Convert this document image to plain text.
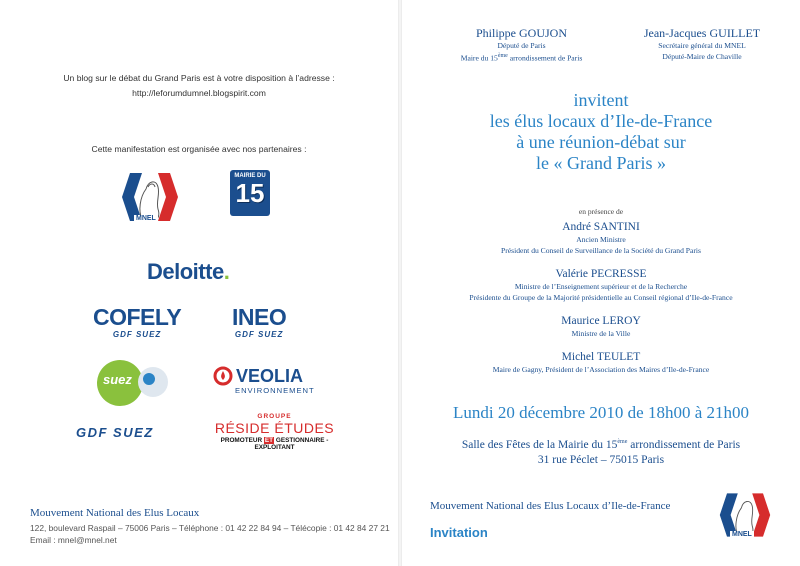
Un blog sur le débat du Grand Paris est à votre disposition à l’adresse :
http://leforumdumnel.blogspirit.com
Cette manifestation est organisée avec nos partenaires :
MNEL
MAIRIE DU
15
Deloitte.
COFELY
GDF SUEZ
INEO
GDF SUEZ
suez	VEOLIA
ENVIRONNEMENT
GDF SUEZ
GROUPE
RÉSIDE ÉTUDES
PROMOTEUR ET GESTIONNAIRE - EXPLOITANT
Mouvement National des Elus Locaux
122, boulevard Raspail – 75006 Paris – Téléphone : 01 42 22 84 94 – Télécopie : 01 42 84 27 21
Email : mnel@mnel.net
Philippe GOUJON
Député de Paris
Maire du 15ème arrondissement de Paris
Jean-Jacques GUILLET
Secrétaire général du MNEL
Député-Maire de Chaville
invitent
les élus locaux d’Ile-de-France
à une réunion-débat sur
le « Grand Paris »
en présence de
André SANTINI
Ancien Ministre
Président du Conseil de Surveillance de la Société du Grand Paris
Valérie PECRESSE
Ministre de l’Enseignement supérieur et de la Recherche
Présidente du Groupe de la Majorité présidentielle au Conseil régional d’Ile-de-France
Maurice LEROY
Ministre de la Ville
Michel TEULET
Maire de Gagny, Président de l’Association des Maires d’Ile-de-France
Lundi 20 décembre 2010 de 18h00 à 21h00
Salle des Fêtes de la Mairie du 15ème arrondissement de Paris
31 rue Péclet – 75015 Paris
Mouvement National des Elus Locaux d’Ile-de-France
Invitation	MNEL
